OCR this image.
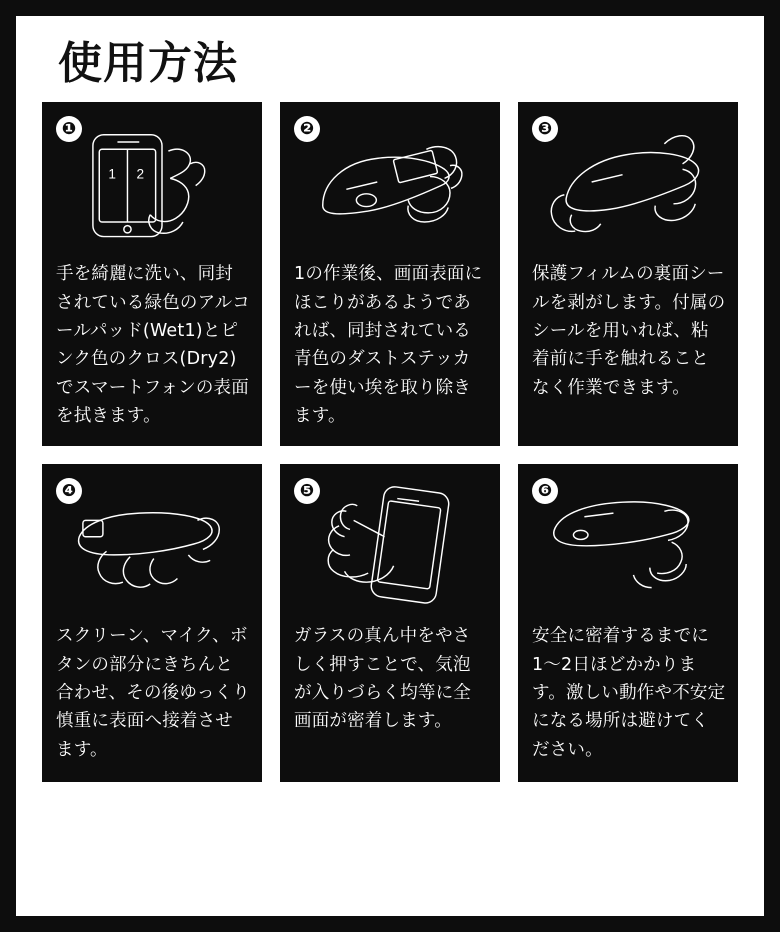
使用方法
❶
1 2
手を綺麗に洗い、同封されている緑色のアルコールパッド(Wet1)とピンク色のクロス(Dry2)でスマートフォンの表面を拭きます。
❷
1の作業後、画面表面にほこりがあるようであれば、同封されている青色のダストステッカーを使い埃を取り除きます。
❸
保護フィルムの裏面シールを剥がします。付属のシールを用いれば、粘着前に手を触れることなく作業できます。
❹
スクリーン、マイク、ボタンの部分にきちんと合わせ、その後ゆっくり慎重に表面へ接着させます。
❺
ガラスの真ん中をやさしく押すことで、気泡が入りづらく均等に全画面が密着します。
❻
安全に密着するまでに1〜2日ほどかかります。激しい動作や不安定になる場所は避けてください。
